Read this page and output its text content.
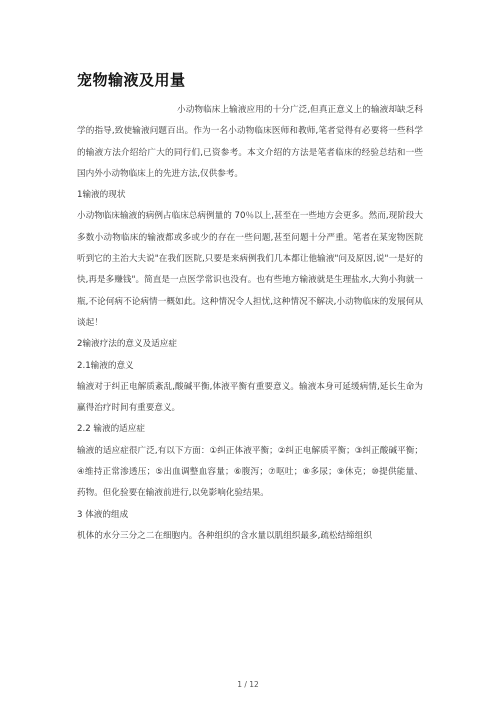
宠物输液及用量

小动物临床上输液应用的十分广泛,但真正意义上的输液却缺乏科学的指导,致使输液问题百出。作为一名小动物临床医师和教师,笔者觉得有必要将一些科学的输液方法介绍给广大的同行们,已资参考。本文介绍的方法是笔者临床的经验总结和一些国内外小动物临床上的先进方法,仅供参考。

1输液的现状

小动物临床输液的病例占临床总病例量的 70％以上,甚至在一些地方会更多。然而,现阶段大多数小动物临床的输液都或多或少的存在一些问题,甚至问题十分严重。笔者在某宠物医院听到它的主治大夫说"在我们医院,只要是来病例我们几本都让他输液"问及原因,说"一是好的快,再是多赚钱"。简直是一点医学常识也没有。也有些地方输液就是生理盐水,大狗小狗就一瓶,不论何病不论病情一概如此。这种情况令人担忧,这种情况不解决,小动物临床的发展何从谈起！

2输液疗法的意义及适应症

2.1输液的意义

输液对于纠正电解质紊乱,酸碱平衡,体液平衡有重要意义。输液本身可延缓病情,延长生命为赢得治疗时间有重要意义。

2.2 输液的适应症

输液的适应症很广泛,有以下方面：①纠正体液平衡；②纠正电解质平衡；③纠正酸碱平衡；④维持正常渗透压；⑤出血调整血容量；⑥腹泻；⑦呕吐；⑧多尿；⑨休克；⑩提供能量、药物。但化验要在输液前进行,以免影响化验结果。

3 体液的组成

机体的水分三分之二在细胞内。各种组织的含水量以肌组织最多,疏松结缔组织

1 / 12
